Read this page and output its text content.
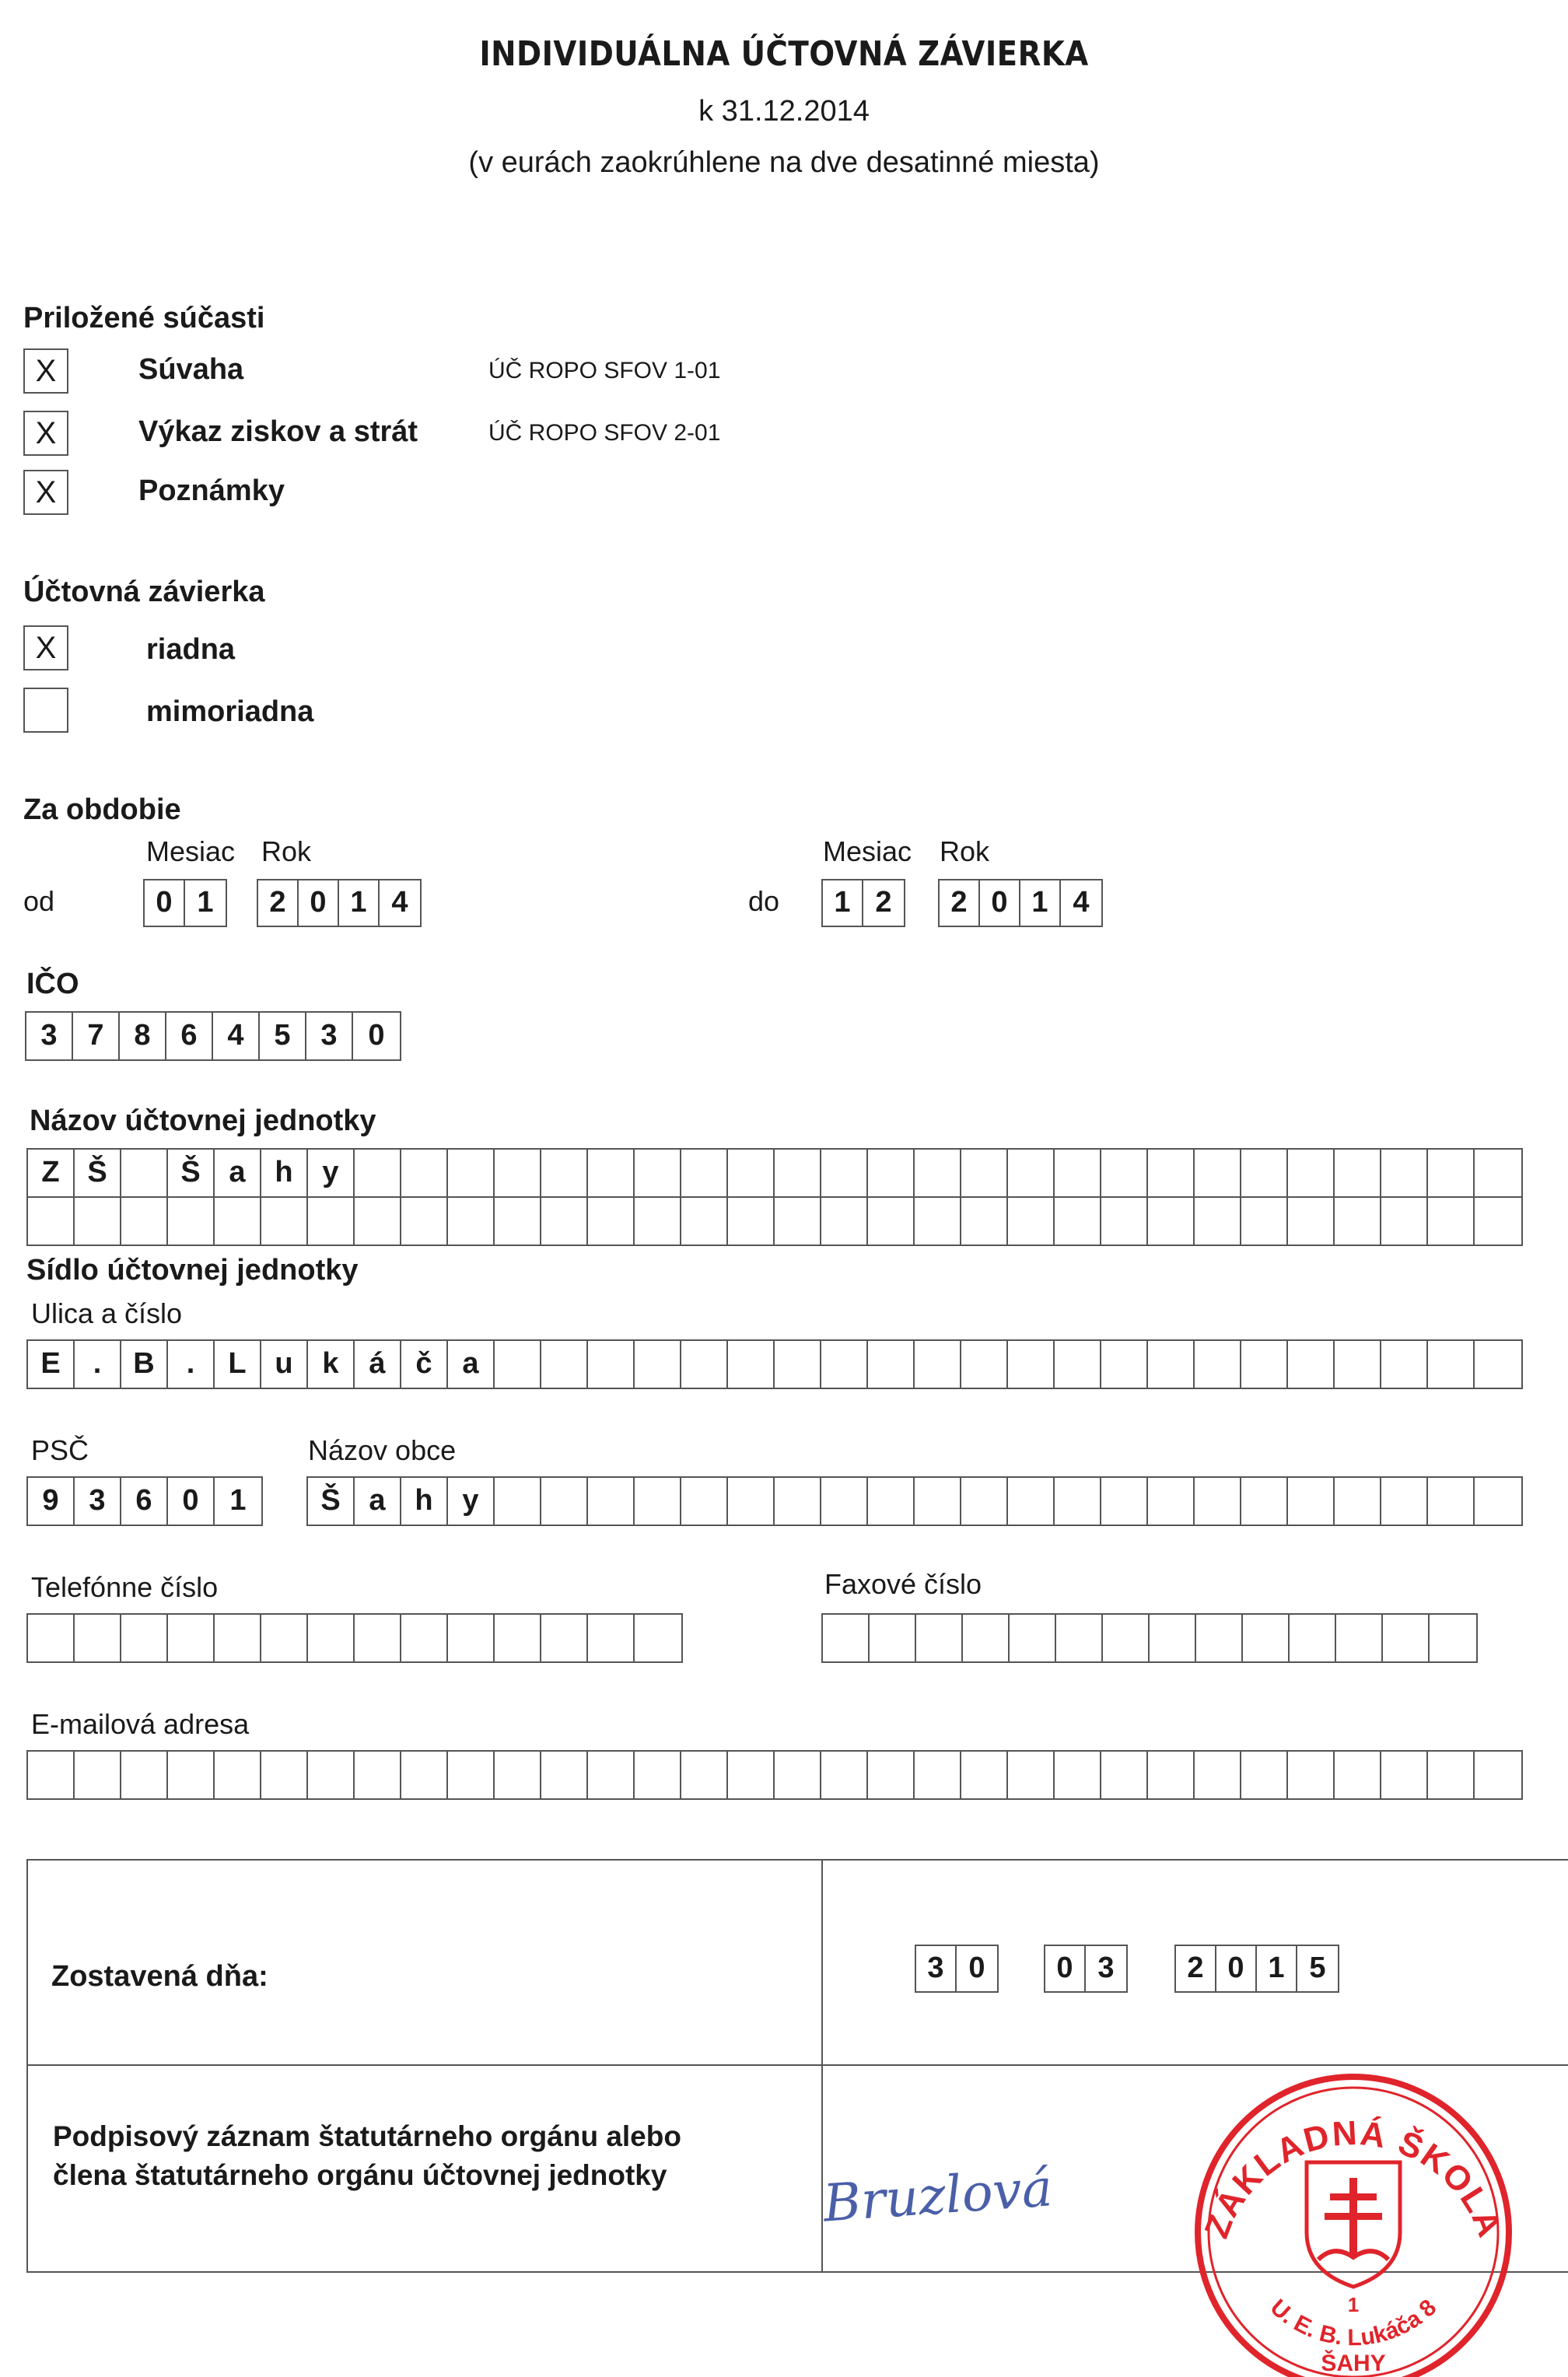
INDIVIDUÁLNA ÚČTOVNÁ ZÁVIERKA
k 31.12.2014
(v eurách zaokrúhlene na dve desatinné miesta)
Priložené súčasti
X	Súvaha	ÚČ ROPO SFOV 1-01
X	Výkaz ziskov a strát	ÚČ ROPO SFOV 2-01
X	Poznámky
Účtovná závierka
X	riadna
mimoriadna
Za obdobie
Mesiac Rok
od	0 1	2 0 1 4
Mesiac Rok
do	1 2	2 0 1 4
IČO
3	7	8	6	4	5	3	0
Názov účtovnej jednotky
Z Š	Š a h y
Sídlo účtovnej jednotky
Ulica a číslo
E	.	B	.	L u k	á	č	a
PSČ	Názov obce
9	3	6	0	1	Š a h y
Telefónne číslo	Faxové číslo
E-mailová adresa
Zostavená dňa:	3 0	0 3	2 0 1 5
Podpisový záznam štatutárneho orgánu alebo
člena štatutárneho orgánu účtovnej jednotky	Bruzlová	ZÁKLADNÁ ŠKOLA
1
U. E. B. Lukáča 8
ŠAHY
